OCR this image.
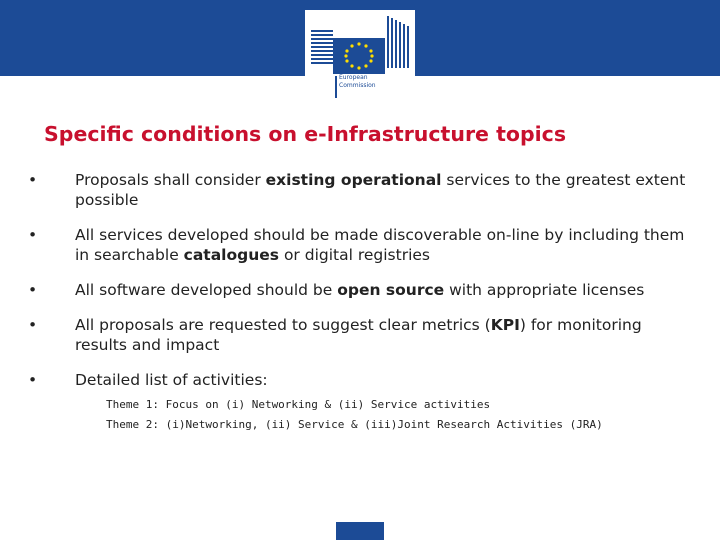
European
Commission
Specific conditions on e-Infrastructure topics
• Proposals shall consider existing operational services to the greatest extent possible
• All services developed should be made discoverable on-line by including them in searchable catalogues or digital registries
• All software developed should be open source with appropriate licenses
• All proposals are requested to suggest clear metrics (KPI) for monitoring results and impact
• Detailed list of activities:
Theme 1: Focus on (i) Networking & (ii) Service activities
Theme 2: (i)Networking, (ii) Service & (iii)Joint Research Activities (JRA)
